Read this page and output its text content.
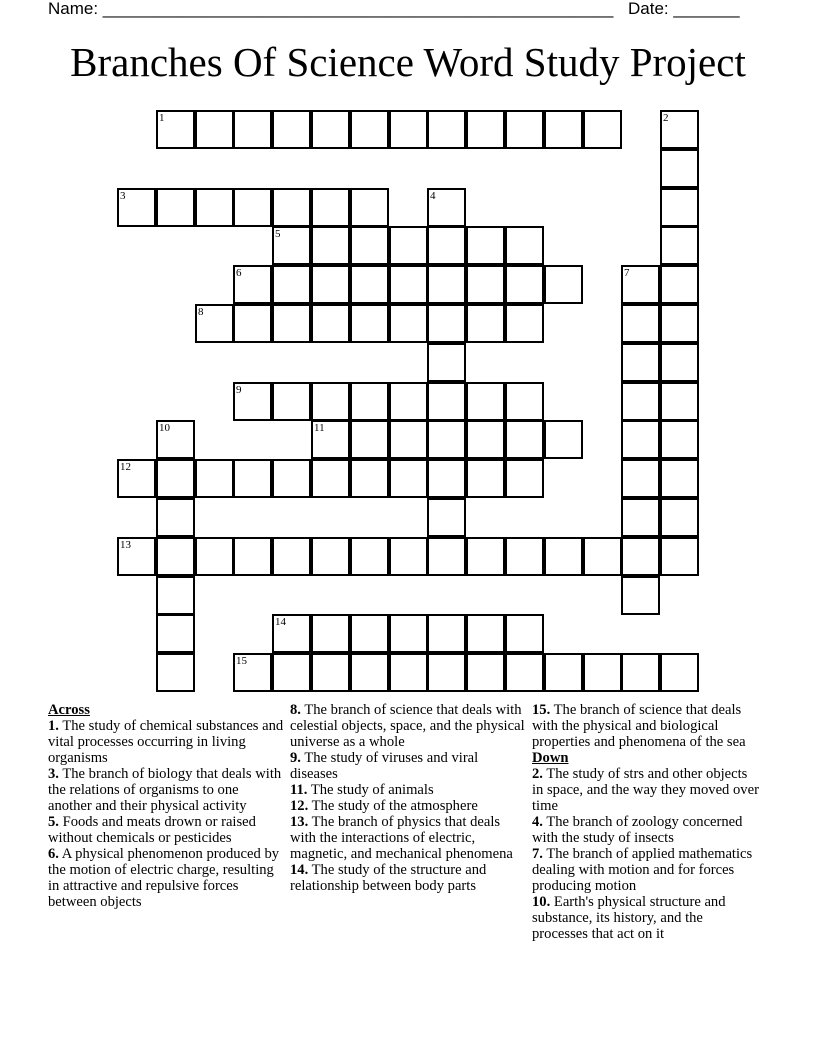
Name: ______________________________________________________ Date: _______
Branches Of Science Word Study Project
1	2
3	4
5
6	7
8
9
10	11
12
13
14
15
Across
1. The study of chemical substances and vital processes occurring in living organisms
3. The branch of biology that deals with the relations of organisms to one another and their physical activity
5. Foods and meats drown or raised without chemicals or pesticides
6. A physical phenomenon produced by the motion of electric charge, resulting in attractive and repulsive forces between objects
8. The branch of science that deals with celestial objects, space, and the physical universe as a whole
9. The study of viruses and viral diseases
11. The study of animals
12. The study of the atmosphere
13. The branch of physics that deals with the interactions of electric, magnetic, and mechanical phenomena
14. The study of the structure and relationship between body parts
15. The branch of science that deals with the physical and biological properties and phenomena of the sea
Down
2. The study of strs and other objects in space, and the way they moved over time
4. The branch of zoology concerned with the study of insects
7. The branch of applied mathematics dealing with motion and for forces producing motion
10. Earth's physical structure and substance, its history, and the processes that act on it
